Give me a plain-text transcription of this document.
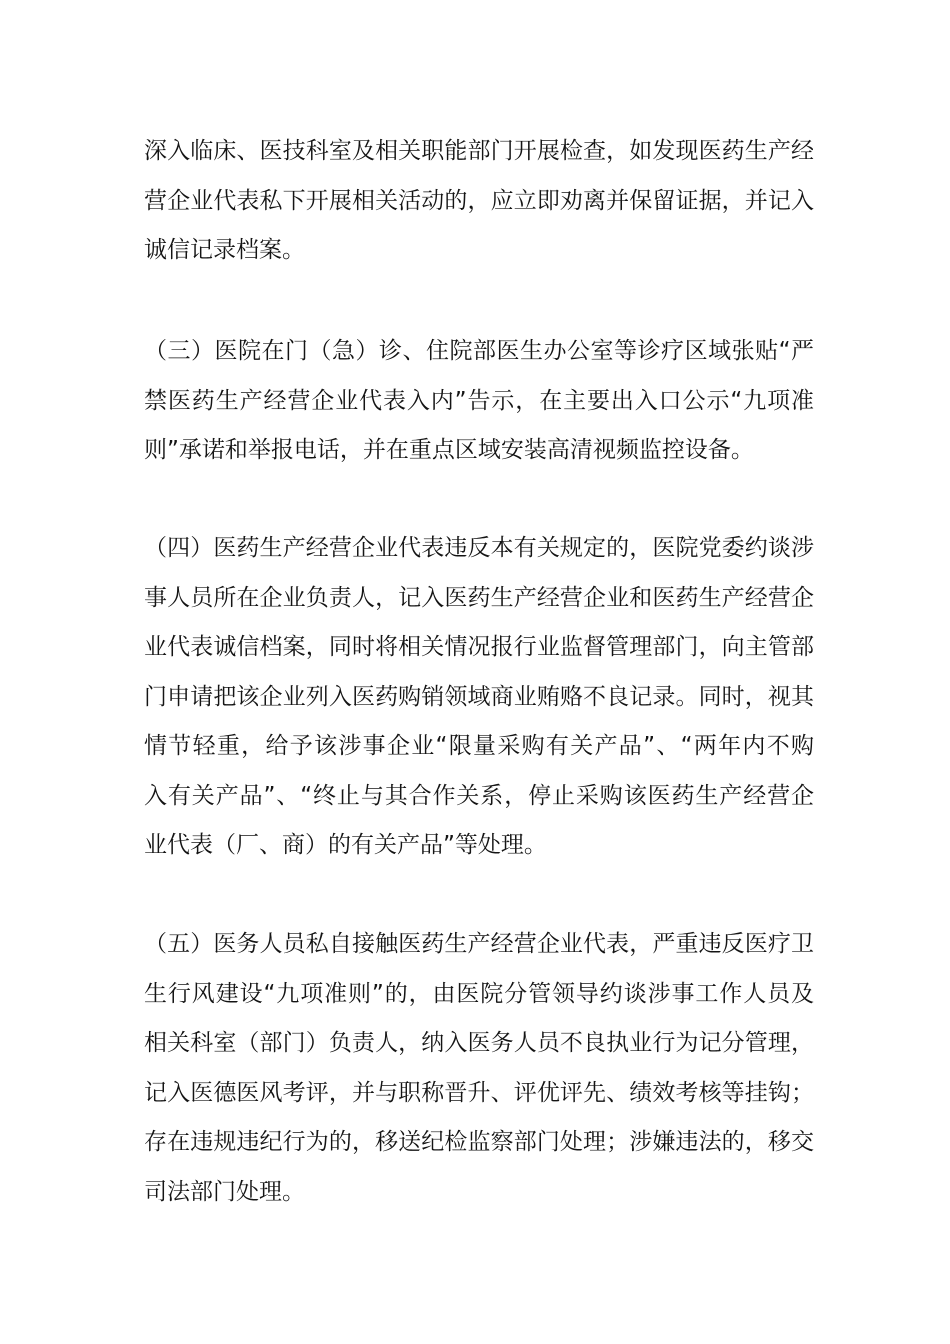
深入临床、医技科室及相关职能部门开展检查，如发现医药生产经
营企业代表私下开展相关活动的，应立即劝离并保留证据，并记入
诚信记录档案。
（三）医院在门（急）诊、住院部医生办公室等诊疗区域张贴“严
禁医药生产经营企业代表入内”告示，在主要出入口公示“九项准
则”承诺和举报电话，并在重点区域安装高清视频监控设备。
（四）医药生产经营企业代表违反本有关规定的，医院党委约谈涉
事人员所在企业负责人，记入医药生产经营企业和医药生产经营企
业代表诚信档案，同时将相关情况报行业监督管理部门，向主管部
门申请把该企业列入医药购销领域商业贿赂不良记录。同时，视其
情节轻重，给予该涉事企业“限量采购有关产品”、“两年内不购
入有关产品”、“终止与其合作关系，停止采购该医药生产经营企
业代表（厂、商）的有关产品”等处理。
（五）医务人员私自接触医药生产经营企业代表，严重违反医疗卫
生行风建设“九项准则”的，由医院分管领导约谈涉事工作人员及
相关科室（部门）负责人，纳入医务人员不良执业行为记分管理，
记入医德医风考评，并与职称晋升、评优评先、绩效考核等挂钩；
存在违规违纪行为的，移送纪检监察部门处理；涉嫌违法的，移交
司法部门处理。
